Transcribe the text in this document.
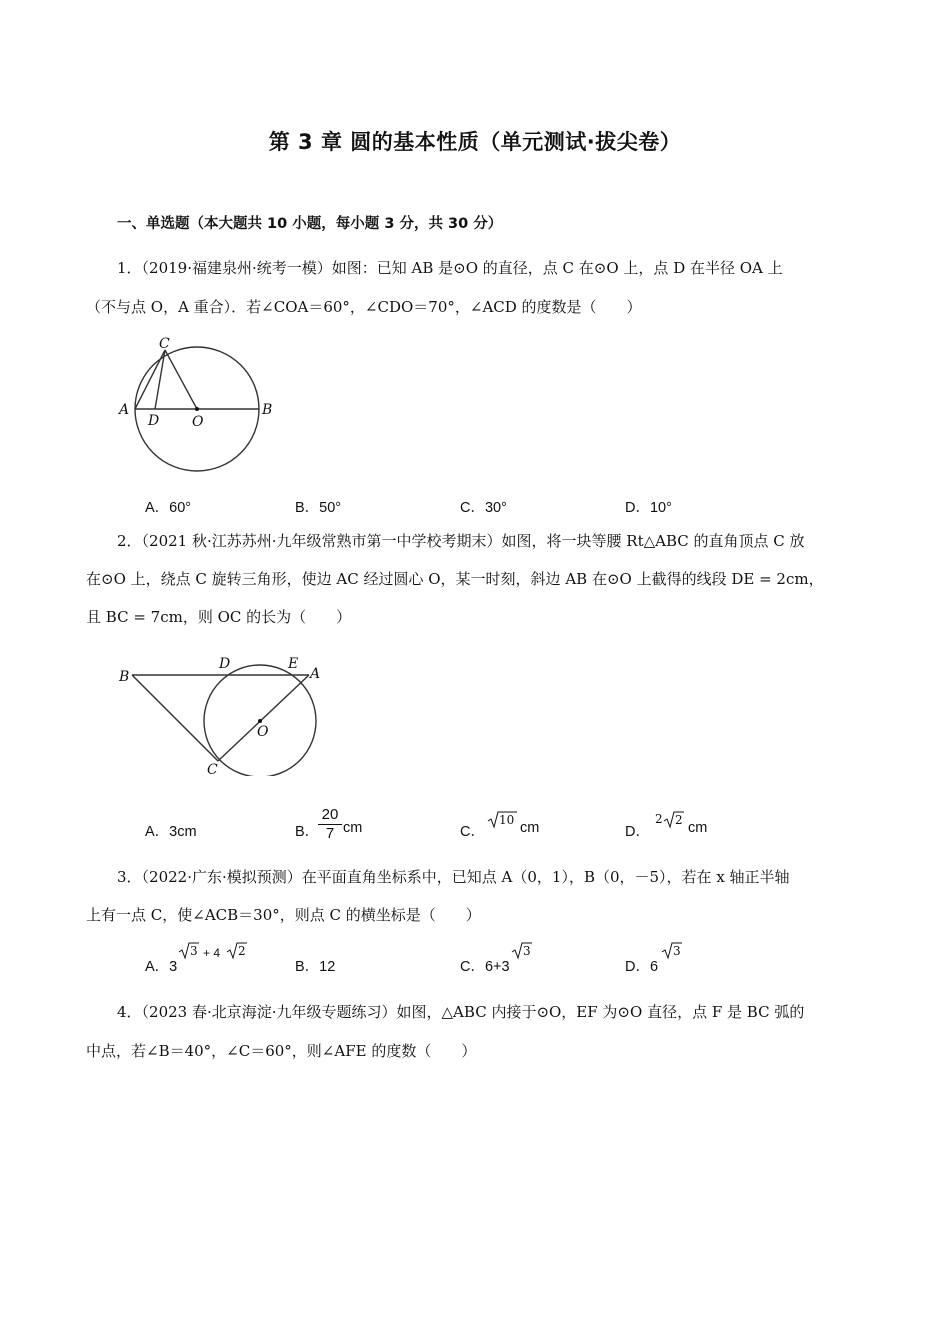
第 3 章 圆的基本性质（单元测试·拔尖卷）
一、单选题（本大题共 10 小题，每小题 3 分，共 30 分）
1．（2019·福建泉州·统考一模）如图：已知 AB 是⊙O 的直径，点 C 在⊙O 上，点 D 在半径 OA 上
（不与点 O，A 重合）．若∠COA＝60°，∠CDO＝70°，∠ACD 的度数是（　　）
C
A	B
D O
A．60°	B．50°	C．30°	D．10°
2．（2021 秋·江苏苏州·九年级常熟市第一中学校考期末）如图，将一块等腰 Rt△ABC 的直角顶点 C 放
在⊙O 上，绕点 C 旋转三角形，使边 AC 经过圆心 O，某一时刻，斜边 AB 在⊙O 上截得的线段 DE = 2cm，
且 BC = 7cm，则 OC 的长为（　　）
B
D	E
A
O
C
A．3cm	B．
$\frac{20}{7}$ cm	C．
10 cm	D．
2 2 cm
3．（2022·广东·模拟预测）在平面直角坐标系中，已知点 A（0，1），B（0，－5），若在 x 轴正半轴
上有一点 C，使∠ACB＝30°，则点 C 的横坐标是（　　）
A．3
3 + 4 2
B．12	C．6+3
3
D．6
3
4．（2023 春·北京海淀·九年级专题练习）如图，△ABC 内接于⊙O，EF 为⊙O 直径，点 F 是 BC 弧的
中点，若∠B＝40°，∠C＝60°，则∠AFE 的度数（　　）
